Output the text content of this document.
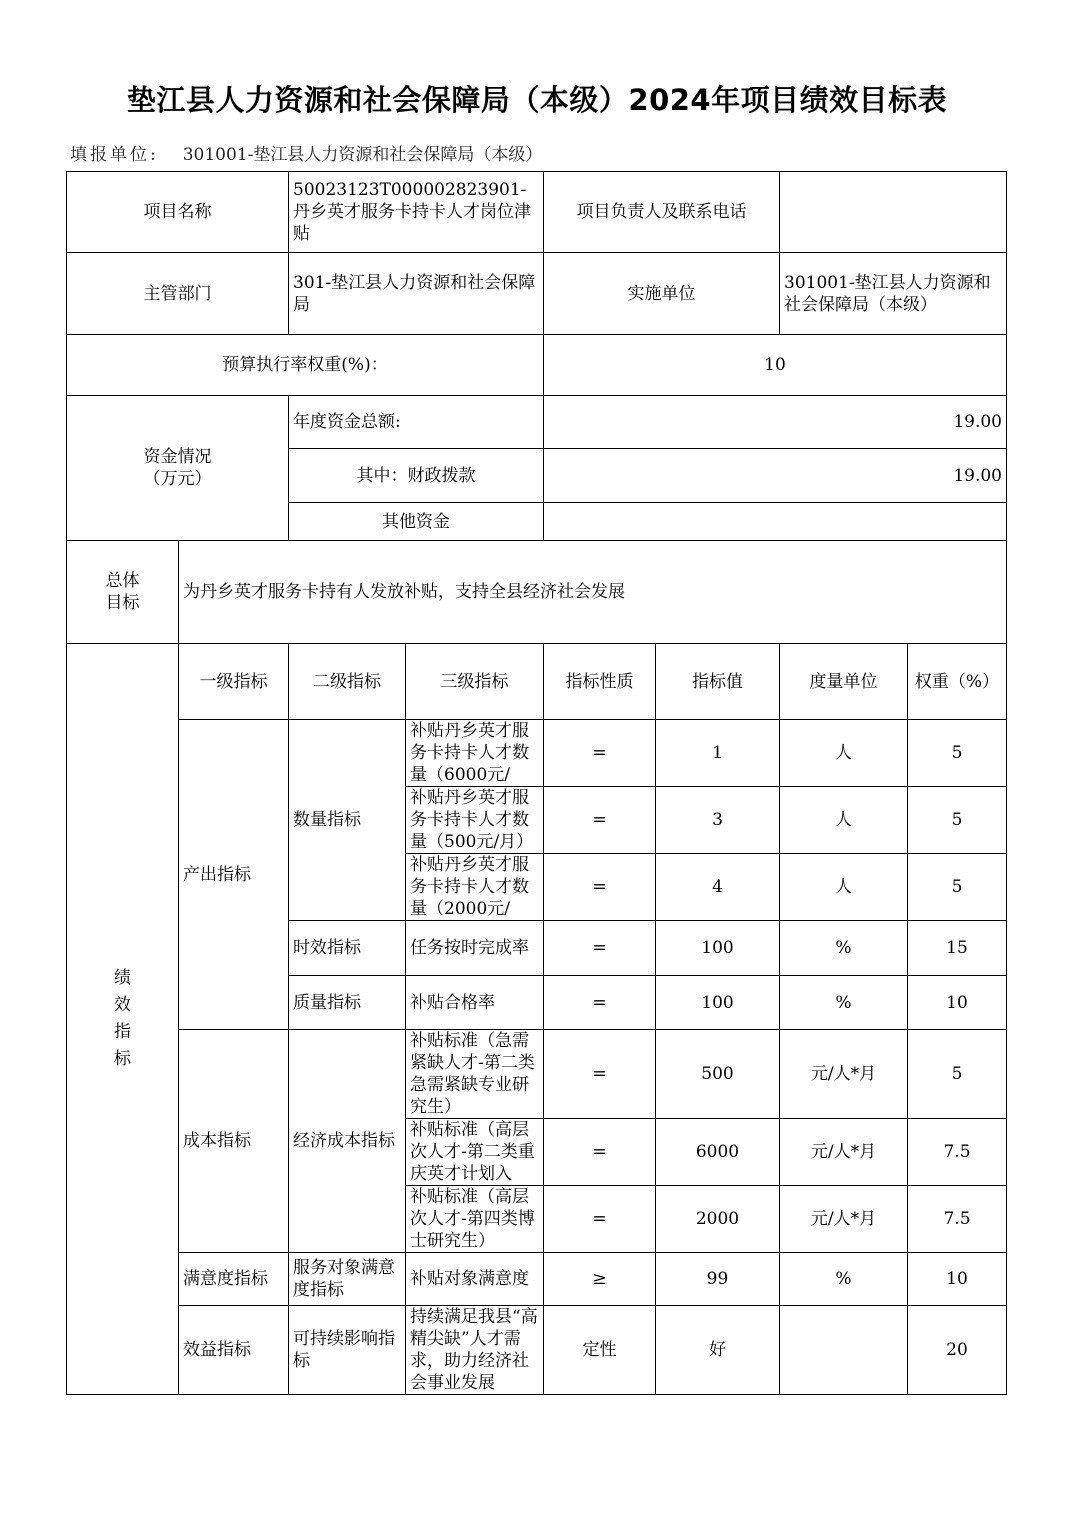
垫江县人力资源和社会保障局（本级）2024年项目绩效目标表
填报单位: 301001-垫江县人力资源和社会保障局（本级）
项目名称		50023123T000002823901-丹乡英才服务卡持卡人才岗位津贴		项目负责人及联系电话			
主管部门		301-垫江县人力资源和社会保障局		实施单位		301001-垫江县人力资源和社会保障局（本级）	
预算执行率权重(%)：				10			
资金情况
（万元）		年度资金总额:		19.00			
		其中：财政拨款		19.00			
		其他资金					
总体
目标	为丹乡英才服务卡持有人发放补贴，支持全县经济社会发展						
绩
效
指
标	一级指标	二级指标	三级指标	指标性质	指标值	度量单位	权重（%）
	产出指标	数量指标	补贴丹乡英才服务卡持卡人才数量（6000元/	=	1	人	5

			补贴丹乡英才服务卡持卡人才数量（500元/月）	=	3	人	5

			补贴丹乡英才服务卡持卡人才数量（2000元/	=	4	人	5
		时效指标	任务按时完成率	=	100	%	15
		质量指标	补贴合格率	=	100	%	10
	成本指标	经济成本指标	补贴标准（急需紧缺人才-第二类急需紧缺专业研究生）	=	500	元/人*月	5

			补贴标准（高层次人才-第二类重庆英才计划入	=	6000	元/人*月	7.5

			补贴标准（高层次人才-第四类博士研究生）	=	2000	元/人*月	7.5
	满意度指标	服务对象满意度指标	补贴对象满意度	≥	99	%	10
	效益指标	可持续影响指标	持续满足我县“高精尖缺”人才需求，助力经济社会事业发展	定性	好		20
